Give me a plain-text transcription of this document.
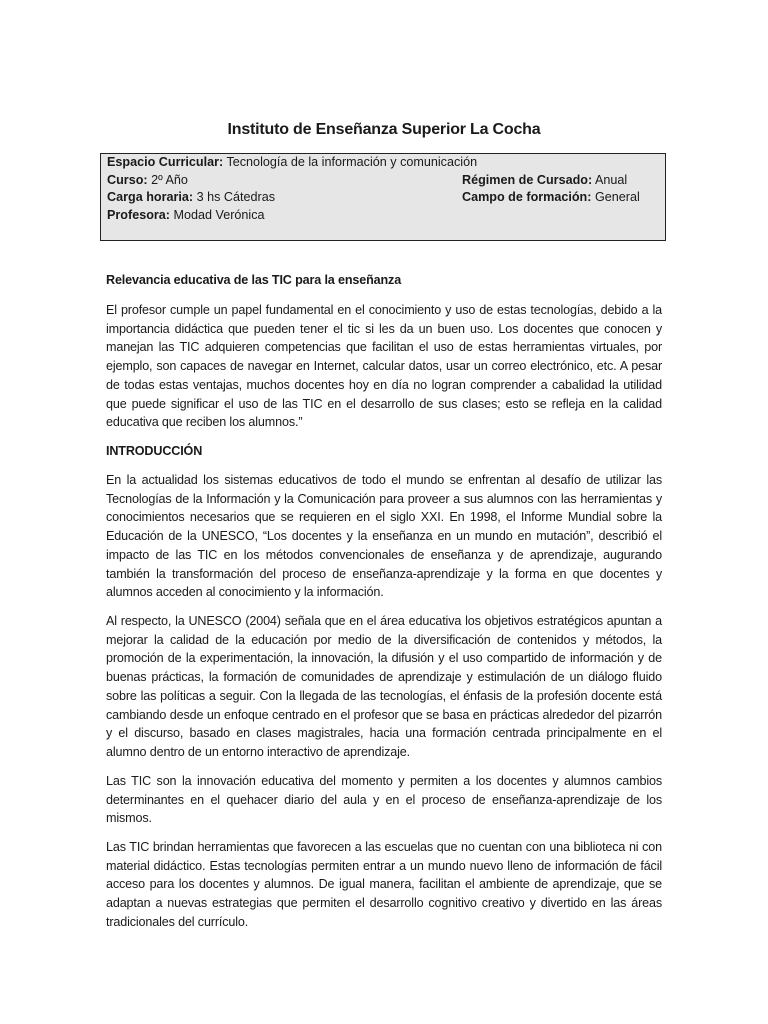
Instituto de Enseñanza Superior La Cocha
Espacio Curricular: Tecnología de la información y comunicación
Curso: 2º Año	Régimen de Cursado: Anual
Carga horaria: 3 hs Cátedras	Campo de formación: General
Profesora: Modad Verónica
Relevancia educativa de las TIC para la enseñanza
El profesor cumple un papel fundamental en el conocimiento y uso de estas tecnologías, debido a la importancia didáctica que pueden tener el tic si les da un buen uso. Los docentes que conocen y manejan las TIC adquieren competencias que facilitan el uso de estas herramientas virtuales, por ejemplo, son capaces de navegar en Internet, calcular datos, usar un correo electrónico, etc. A pesar de todas estas ventajas, muchos docentes hoy en día no logran comprender a cabalidad la utilidad que puede significar el uso de las TIC en el desarrollo de sus clases; esto se refleja en la calidad educativa que reciben los alumnos.”
INTRODUCCIÓN
En la actualidad los sistemas educativos de todo el mundo se enfrentan al desafío de utilizar las Tecnologías de la Información y la Comunicación para proveer a sus alumnos con las herramientas y conocimientos necesarios que se requieren en el siglo XXI. En 1998, el Informe Mundial sobre la Educación de la UNESCO, “Los docentes y la enseñanza en un mundo en mutación”, describió el impacto de las TIC en los métodos convencionales de enseñanza y de aprendizaje, augurando también la transformación del proceso de enseñanza-aprendizaje y la forma en que docentes y alumnos acceden al conocimiento y la información.
Al respecto, la UNESCO (2004) señala que en el área educativa los objetivos estratégicos apuntan a mejorar la calidad de la educación por medio de la diversificación de contenidos y métodos, la promoción de la experimentación, la innovación, la difusión y el uso compartido de información y de buenas prácticas, la formación de comunidades de aprendizaje y estimulación de un diálogo fluido sobre las políticas a seguir. Con la llegada de las tecnologías, el énfasis de la profesión docente está cambiando desde un enfoque centrado en el profesor que se basa en prácticas alrededor del pizarrón y el discurso, basado en clases magistrales, hacia una formación centrada principalmente en el alumno dentro de un entorno interactivo de aprendizaje.
Las TIC son la innovación educativa del momento y permiten a los docentes y alumnos cambios determinantes en el quehacer diario del aula y en el proceso de enseñanza-aprendizaje de los mismos.
Las TIC brindan herramientas que favorecen a las escuelas que no cuentan con una biblioteca ni con material didáctico. Estas tecnologías permiten entrar a un mundo nuevo lleno de información de fácil acceso para los docentes y alumnos. De igual manera, facilitan el ambiente de aprendizaje, que se adaptan a nuevas estrategias que permiten el desarrollo cognitivo creativo y divertido en las áreas tradicionales del currículo.
